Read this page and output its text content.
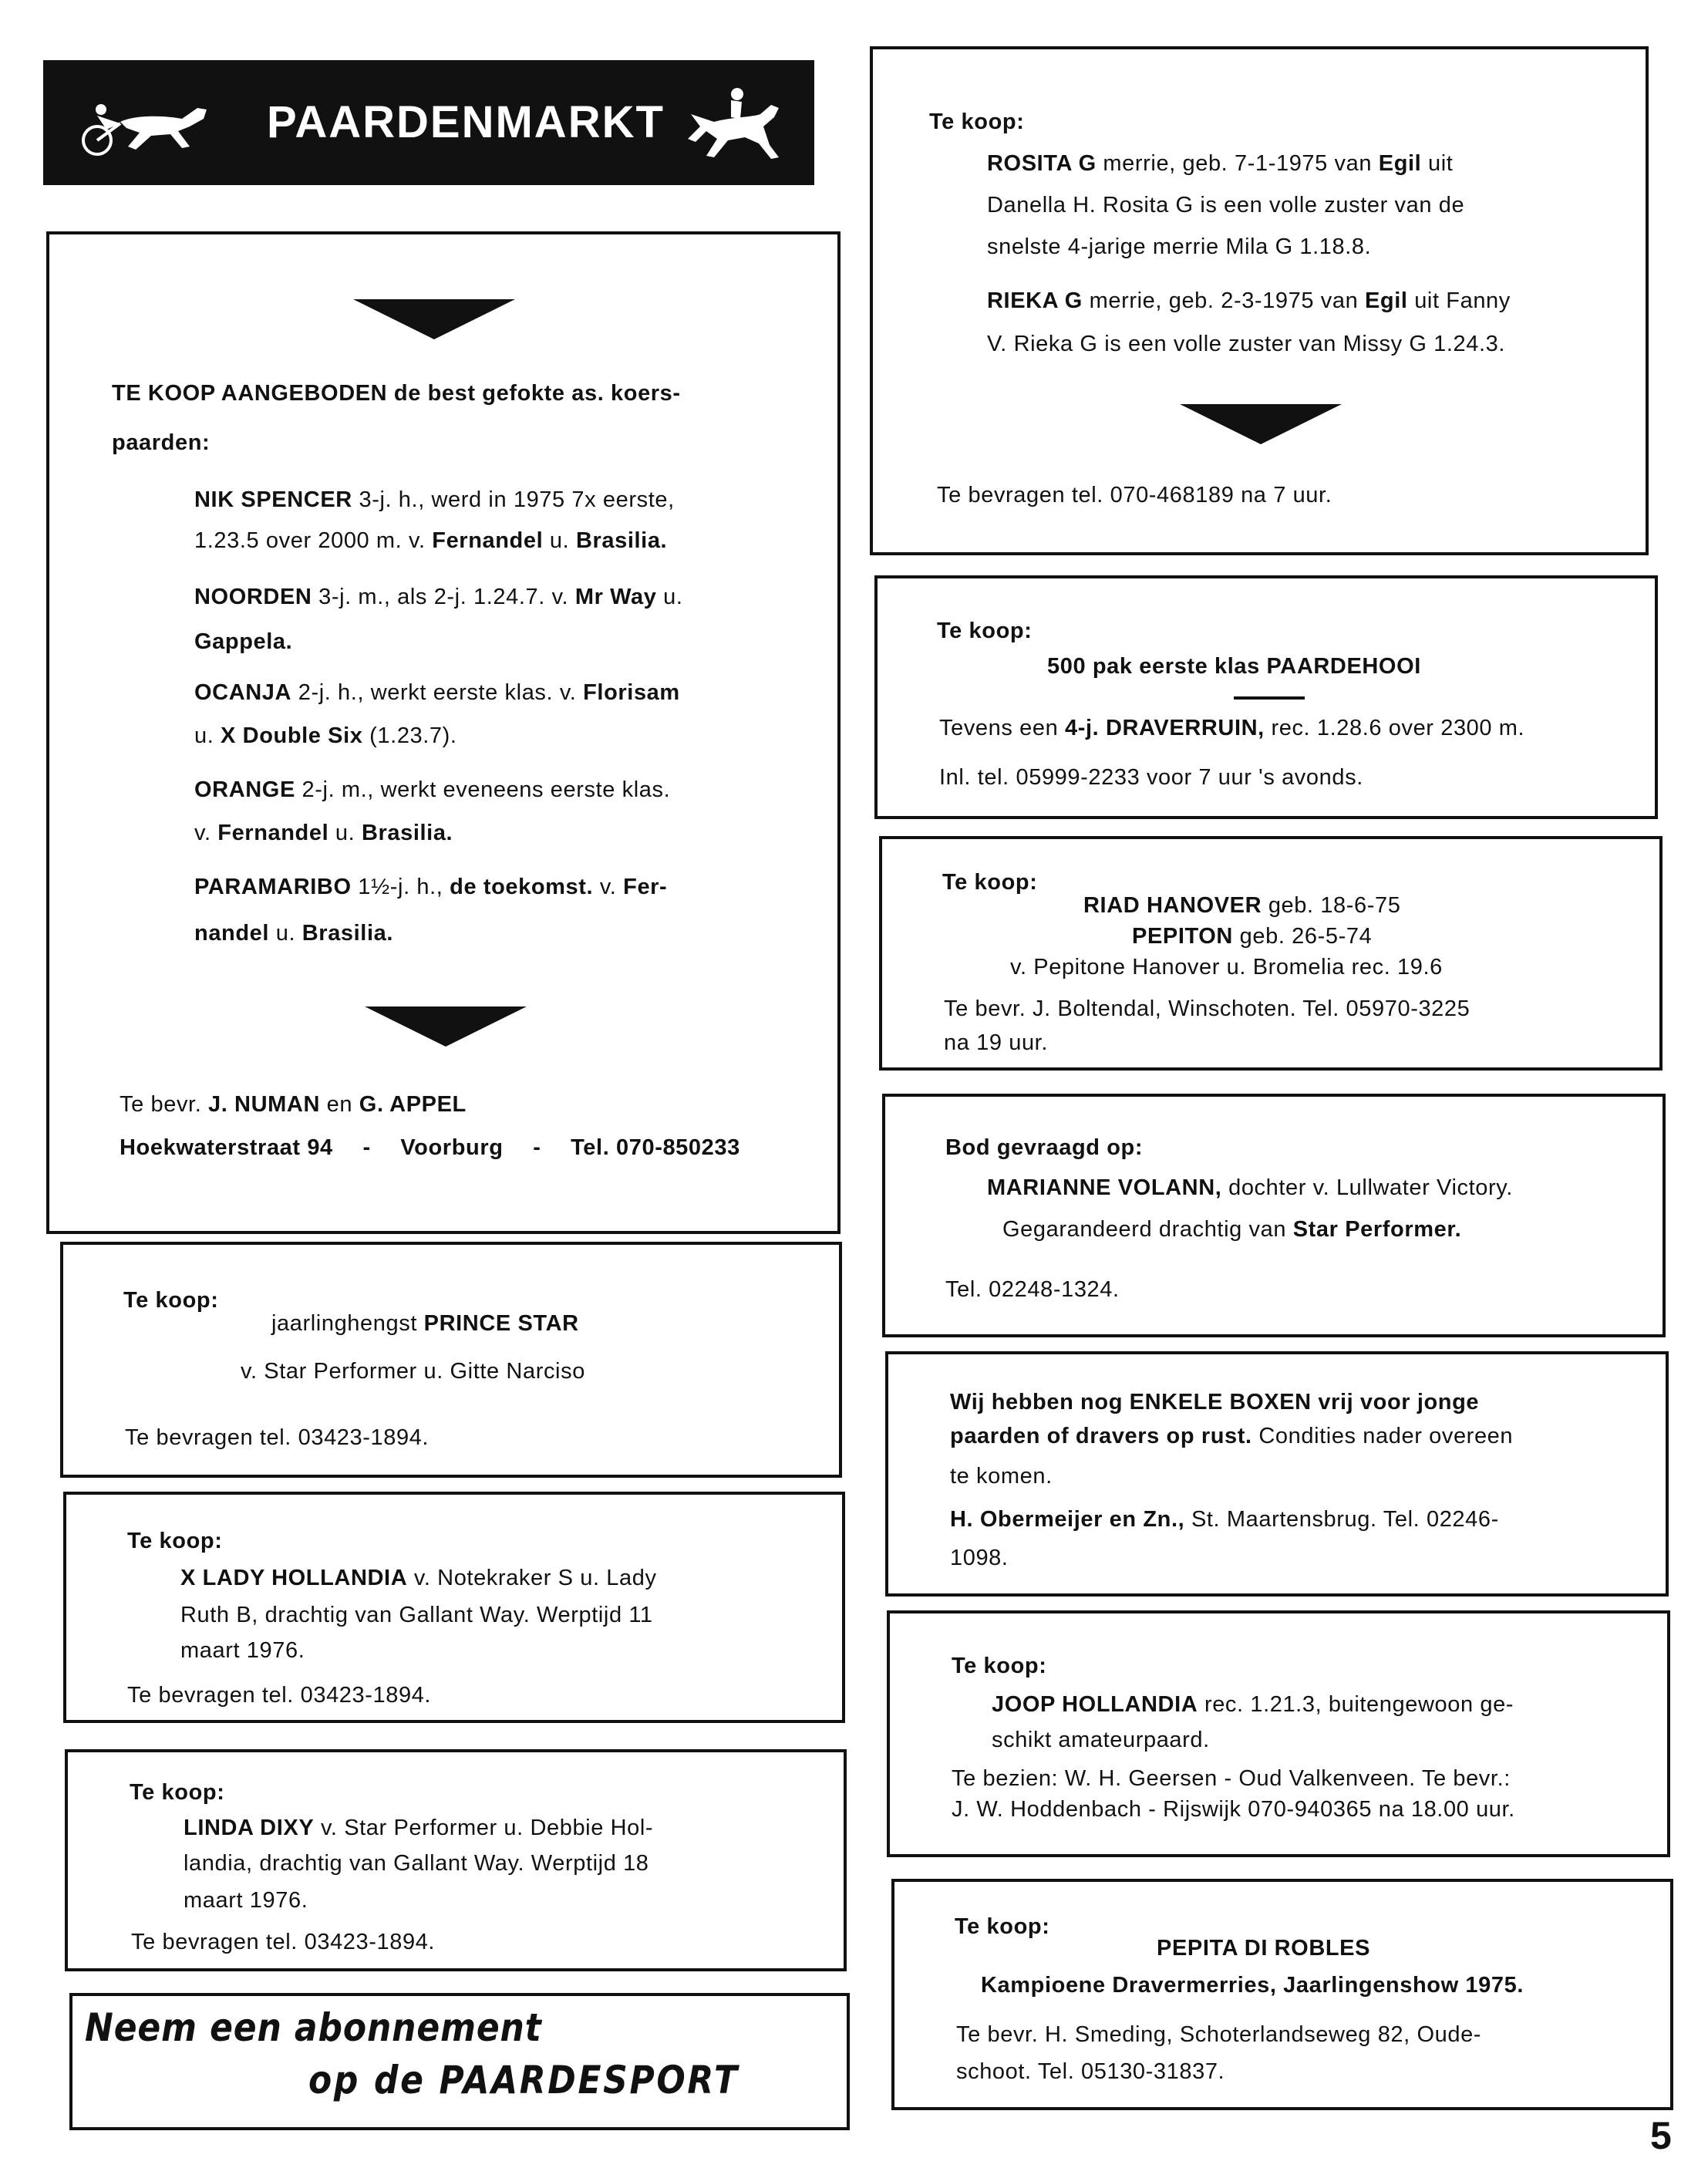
PAARDENMARKT
TE KOOP AANGEBODEN de best gefokte as. koers-
paarden:
NIK SPENCER 3-j. h., werd in 1975 7x eerste,
1.23.5 over 2000 m. v. Fernandel u. Brasilia.
NOORDEN 3-j. m., als 2-j. 1.24.7. v. Mr Way u.
Gappela.
OCANJA 2-j. h., werkt eerste klas. v. Florisam
u. X Double Six (1.23.7).
ORANGE 2-j. m., werkt eveneens eerste klas.
v. Fernandel u. Brasilia.
PARAMARIBO 1½-j. h., de toekomst. v. Fer-
nandel u. Brasilia.
Te bevr. J. NUMAN en G. APPEL
Hoekwaterstraat 94 - Voorburg - Tel. 070-850233
Te koop:
jaarlinghengst PRINCE STAR
v. Star Performer u. Gitte Narciso
Te bevragen tel. 03423-1894.
Te koop:
X LADY HOLLANDIA v. Notekraker S u. Lady
Ruth B, drachtig van Gallant Way. Werptijd 11
maart 1976.
Te bevragen tel. 03423-1894.
Te koop:
LINDA DIXY v. Star Performer u. Debbie Hol-
landia, drachtig van Gallant Way. Werptijd 18
maart 1976.
Te bevragen tel. 03423-1894.
Neem een abonnement
op de PAARDESPORT
Te koop:
ROSITA G merrie, geb. 7-1-1975 van Egil uit
Danella H. Rosita G is een volle zuster van de
snelste 4-jarige merrie Mila G 1.18.8.
RIEKA G merrie, geb. 2-3-1975 van Egil uit Fanny
V. Rieka G is een volle zuster van Missy G 1.24.3.
Te bevragen tel. 070-468189 na 7 uur.
Te koop:
500 pak eerste klas PAARDEHOOI
Tevens een 4-j. DRAVERRUIN, rec. 1.28.6 over 2300 m.
Inl. tel. 05999-2233 voor 7 uur 's avonds.
Te koop:
RIAD HANOVER geb. 18-6-75
PEPITON geb. 26-5-74
v. Pepitone Hanover u. Bromelia rec. 19.6
Te bevr. J. Boltendal, Winschoten. Tel. 05970-3225
na 19 uur.
Bod gevraagd op:
MARIANNE VOLANN, dochter v. Lullwater Victory.
Gegarandeerd drachtig van Star Performer.
Tel. 02248-1324.
Wij hebben nog ENKELE BOXEN vrij voor jonge
paarden of dravers op rust. Condities nader overeen
te komen.
H. Obermeijer en Zn., St. Maartensbrug. Tel. 02246-
1098.
Te koop:
JOOP HOLLANDIA rec. 1.21.3, buitengewoon ge-
schikt amateurpaard.
Te bezien: W. H. Geersen - Oud Valkenveen. Te bevr.:
J. W. Hoddenbach - Rijswijk 070-940365 na 18.00 uur.
Te koop:
PEPITA DI ROBLES
Kampioene Dravermerries, Jaarlingenshow 1975.
Te bevr. H. Smeding, Schoterlandseweg 82, Oude-
schoot. Tel. 05130-31837.
5
